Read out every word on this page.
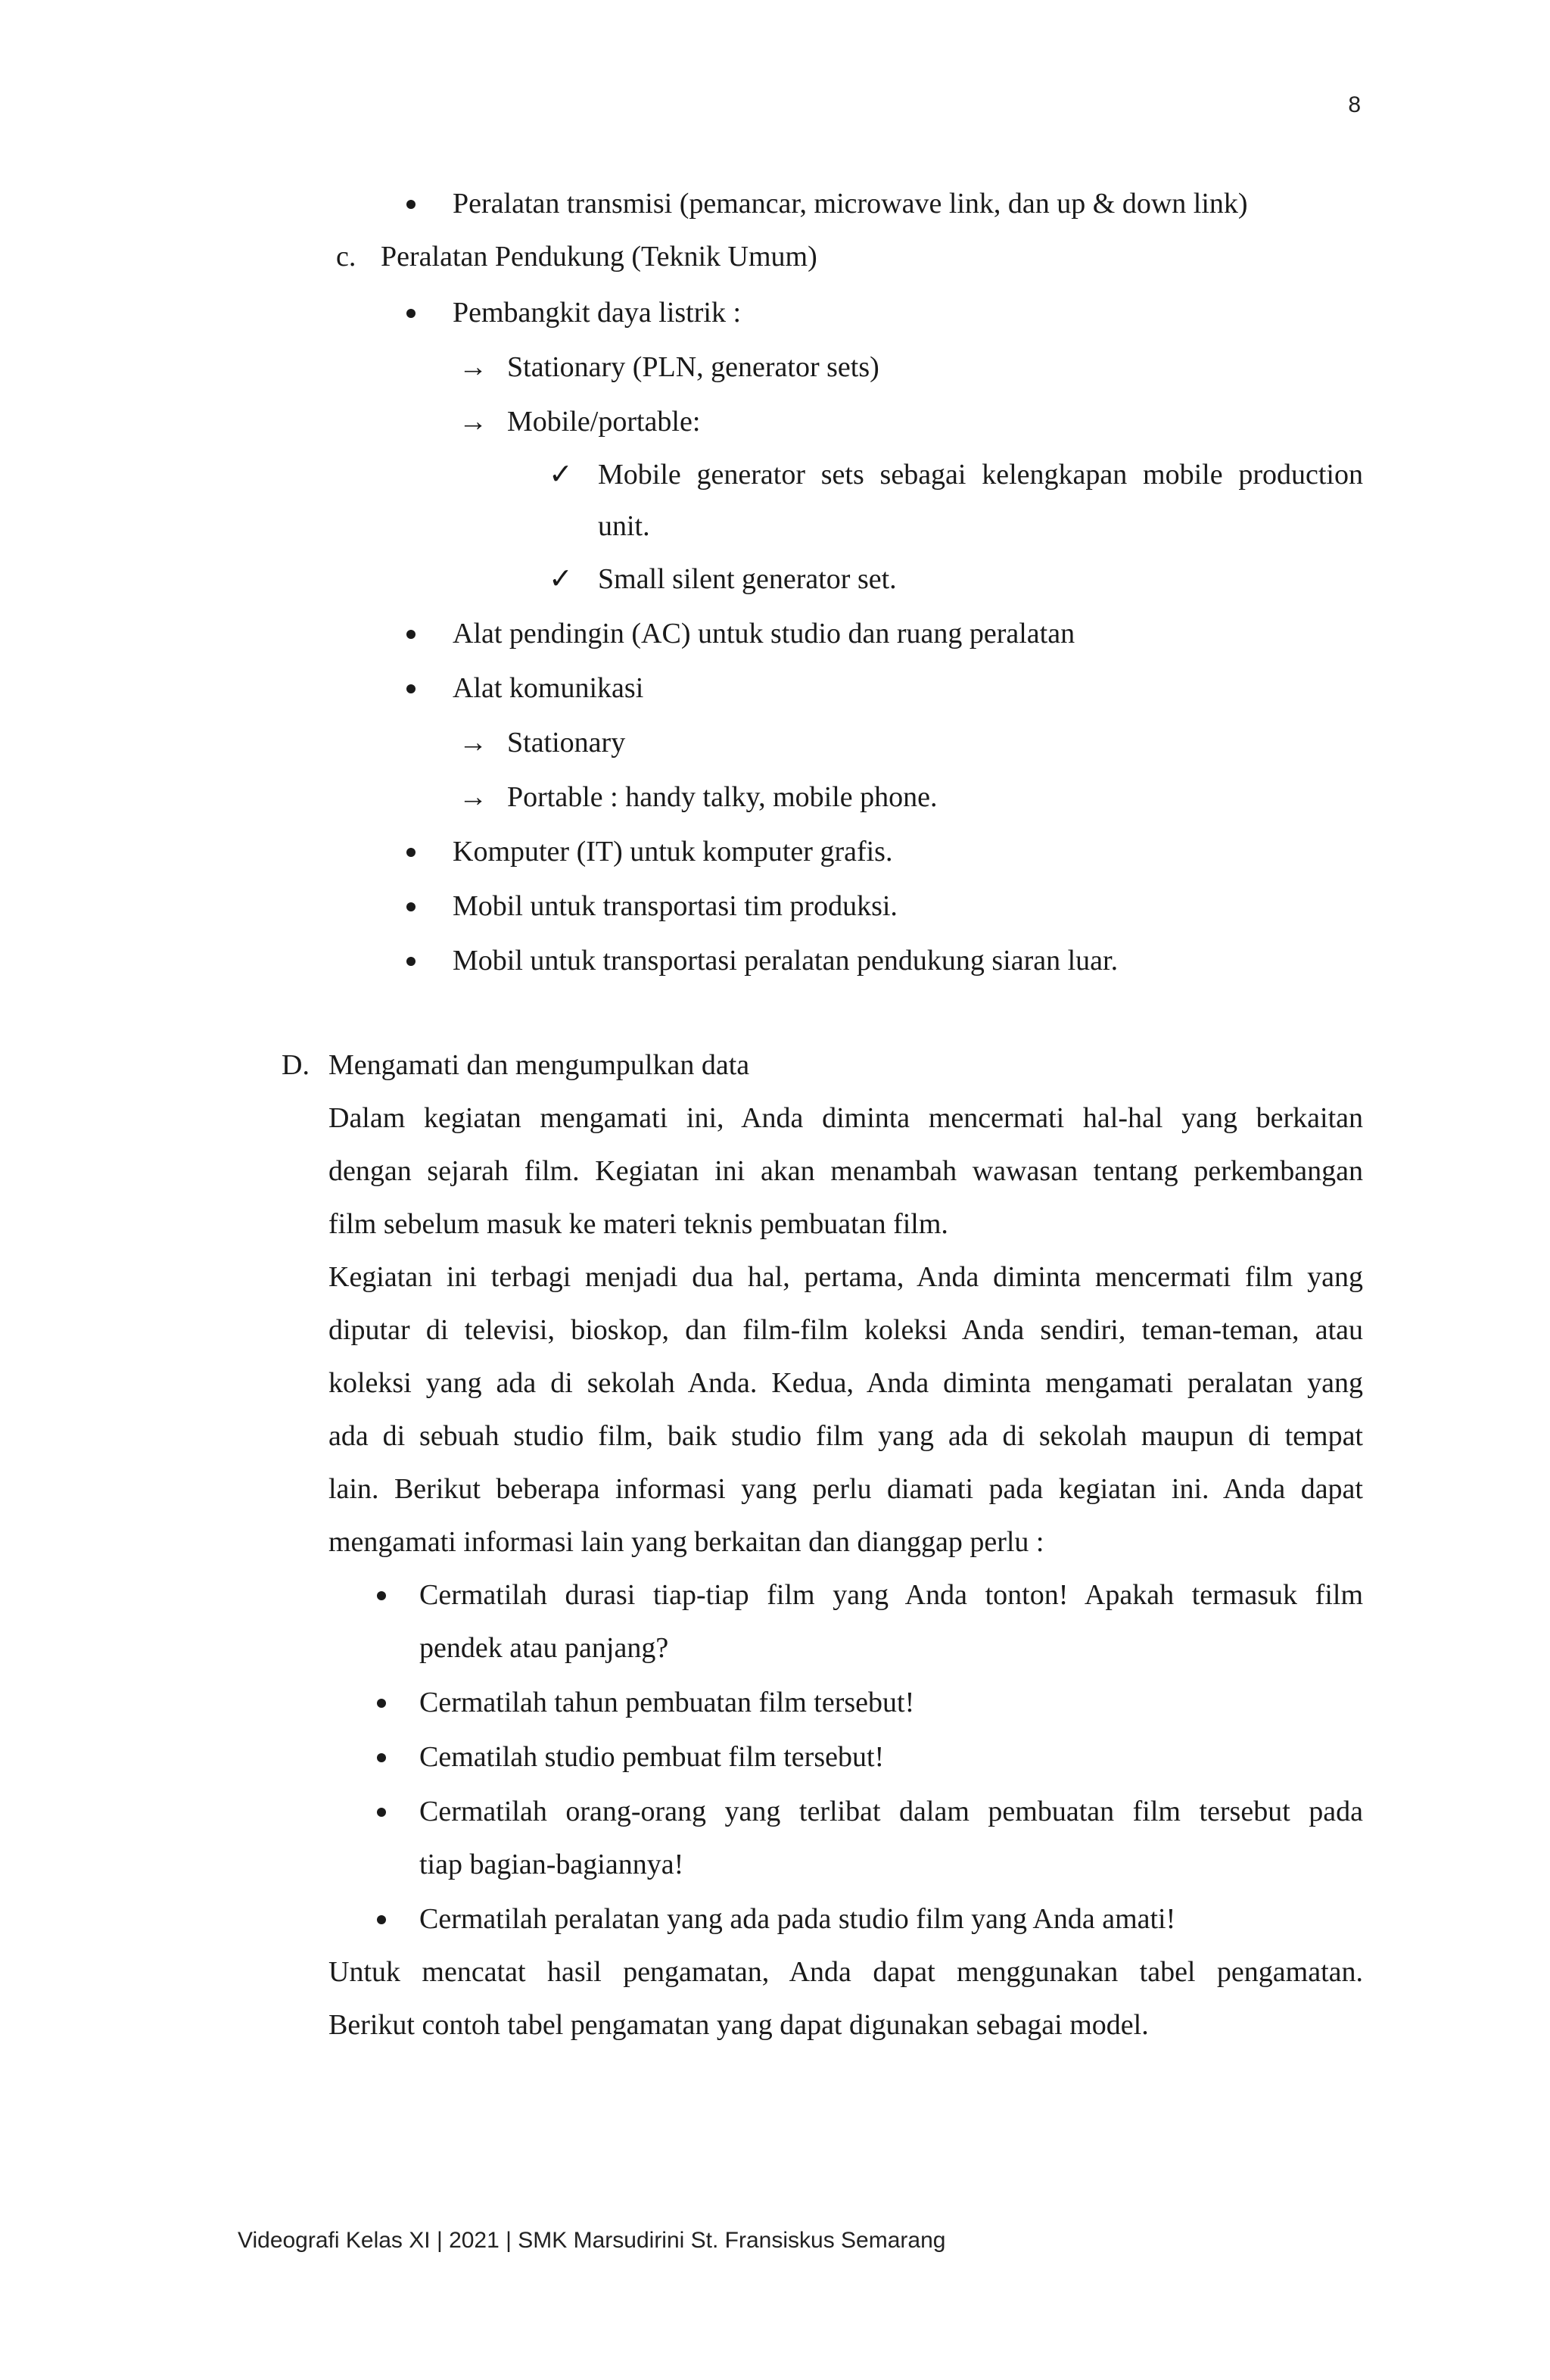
8
Peralatan transmisi (pemancar, microwave link, dan up & down link)
c. Peralatan Pendukung (Teknik Umum)
Pembangkit daya listrik :
→ Stationary (PLN, generator sets)
→ Mobile/portable:
✓ Mobile generator sets sebagai kelengkapan mobile production
unit.
✓ Small silent generator set.
Alat pendingin (AC) untuk studio dan ruang peralatan
Alat komunikasi
→ Stationary
→ Portable : handy talky, mobile phone.
Komputer (IT) untuk komputer grafis.
Mobil untuk transportasi tim produksi.
Mobil untuk transportasi peralatan pendukung siaran luar.
D. Mengamati dan mengumpulkan data
Dalam kegiatan mengamati ini, Anda diminta mencermati hal-hal yang berkaitan
dengan sejarah film. Kegiatan ini akan menambah wawasan tentang perkembangan
film sebelum masuk ke materi teknis pembuatan film.
Kegiatan ini terbagi menjadi dua hal, pertama, Anda diminta mencermati film yang
diputar di televisi, bioskop, dan film-film koleksi Anda sendiri, teman-teman, atau
koleksi yang ada di sekolah Anda. Kedua, Anda diminta mengamati peralatan yang
ada di sebuah studio film, baik studio film yang ada di sekolah maupun di tempat
lain. Berikut beberapa informasi yang perlu diamati pada kegiatan ini. Anda dapat
mengamati informasi lain yang berkaitan dan dianggap perlu :
Cermatilah durasi tiap-tiap film yang Anda tonton! Apakah termasuk film
pendek atau panjang?
Cermatilah tahun pembuatan film tersebut!
Cematilah studio pembuat film tersebut!
Cermatilah orang-orang yang terlibat dalam pembuatan film tersebut pada
tiap bagian-bagiannya!
Cermatilah peralatan yang ada pada studio film yang Anda amati!
Untuk mencatat hasil pengamatan, Anda dapat menggunakan tabel pengamatan.
Berikut contoh tabel pengamatan yang dapat digunakan sebagai model.
Videografi Kelas XI | 2021 | SMK Marsudirini St. Fransiskus Semarang
